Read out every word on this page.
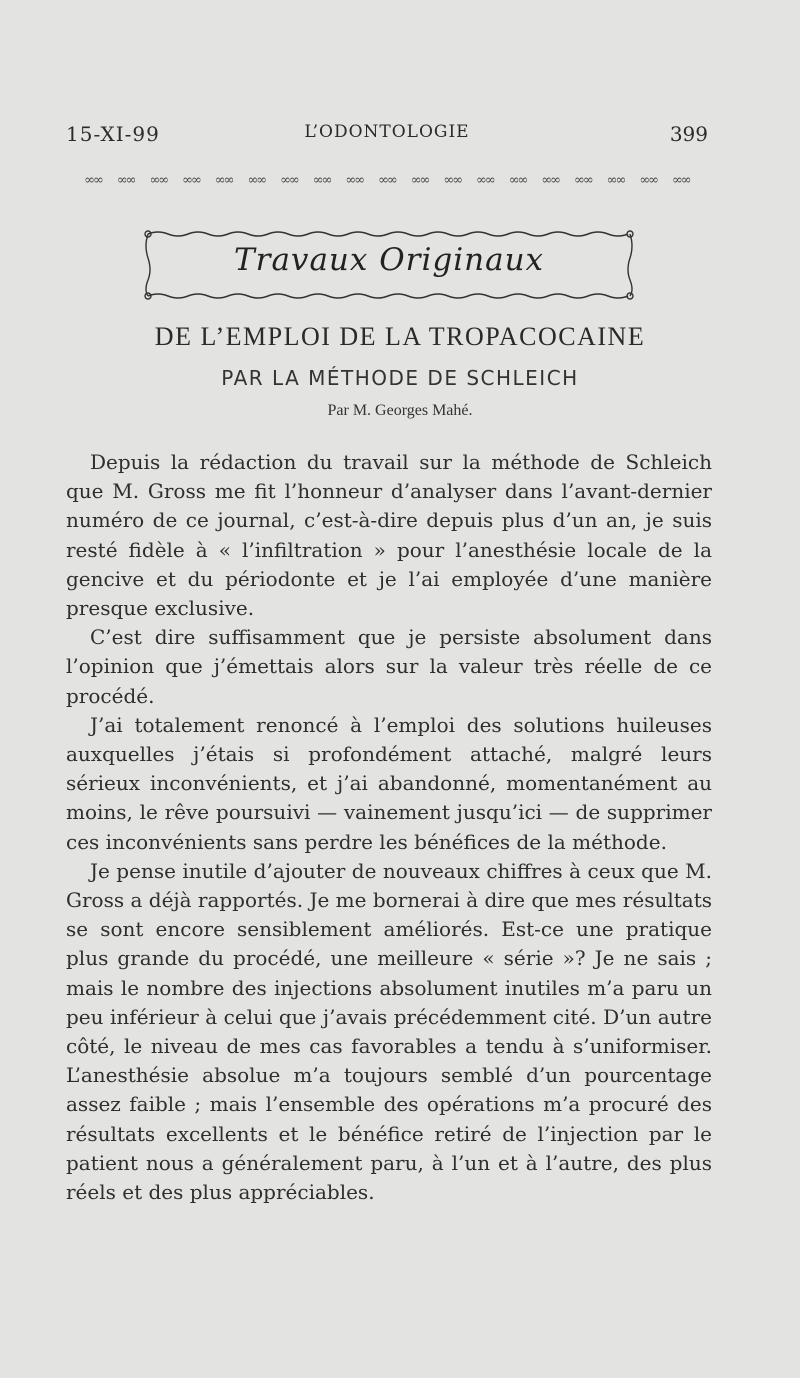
15-XI-99	L’ODONTOLOGIE	399
∞∞	∞∞	∞∞	∞∞	∞∞	∞∞	∞∞	∞∞	∞∞	∞∞	∞∞	∞∞	∞∞	∞∞	∞∞	∞∞	∞∞	∞∞	∞∞
Travaux Originaux
DE L’EMPLOI DE LA TROPACOCAINE
PAR LA MÉTHODE DE SCHLEICH
Par M. Georges Mahé.

Depuis la rédaction du travail sur la méthode de Schleich que M. Gross me fit l’honneur d’analyser dans l’avant-dernier numéro de ce journal, c’est-à-dire depuis plus d’un an, je suis resté fidèle à « l’infiltration » pour l’anesthésie locale de la gencive et du périodonte et je l’ai employée d’une manière presque exclusive.

C’est dire suffisamment que je persiste absolument dans l’opinion que j’émettais alors sur la valeur très réelle de ce procédé.

J’ai totalement renoncé à l’emploi des solutions huileuses auxquelles j’étais si profondément attaché, malgré leurs sérieux inconvénients, et j’ai abandonné, momentanément au moins, le rêve poursuivi — vainement jusqu’ici — de supprimer ces inconvénients sans perdre les bénéfices de la méthode.

Je pense inutile d’ajouter de nouveaux chiffres à ceux que M. Gross a déjà rapportés. Je me bornerai à dire que mes résultats se sont encore sensiblement améliorés. Est-ce une pratique plus grande du procédé, une meilleure « série »? Je ne sais ; mais le nombre des injections absolument inutiles m’a paru un peu inférieur à celui que j’avais précédemment cité. D’un autre côté, le niveau de mes cas favorables a tendu à s’uniformiser. L’anesthésie absolue m’a toujours semblé d’un pourcentage assez faible ; mais l’ensemble des opérations m’a procuré des résultats excellents et le bénéfice retiré de l’injection par le patient nous a généralement paru, à l’un et à l’autre, des plus réels et des plus appréciables.
